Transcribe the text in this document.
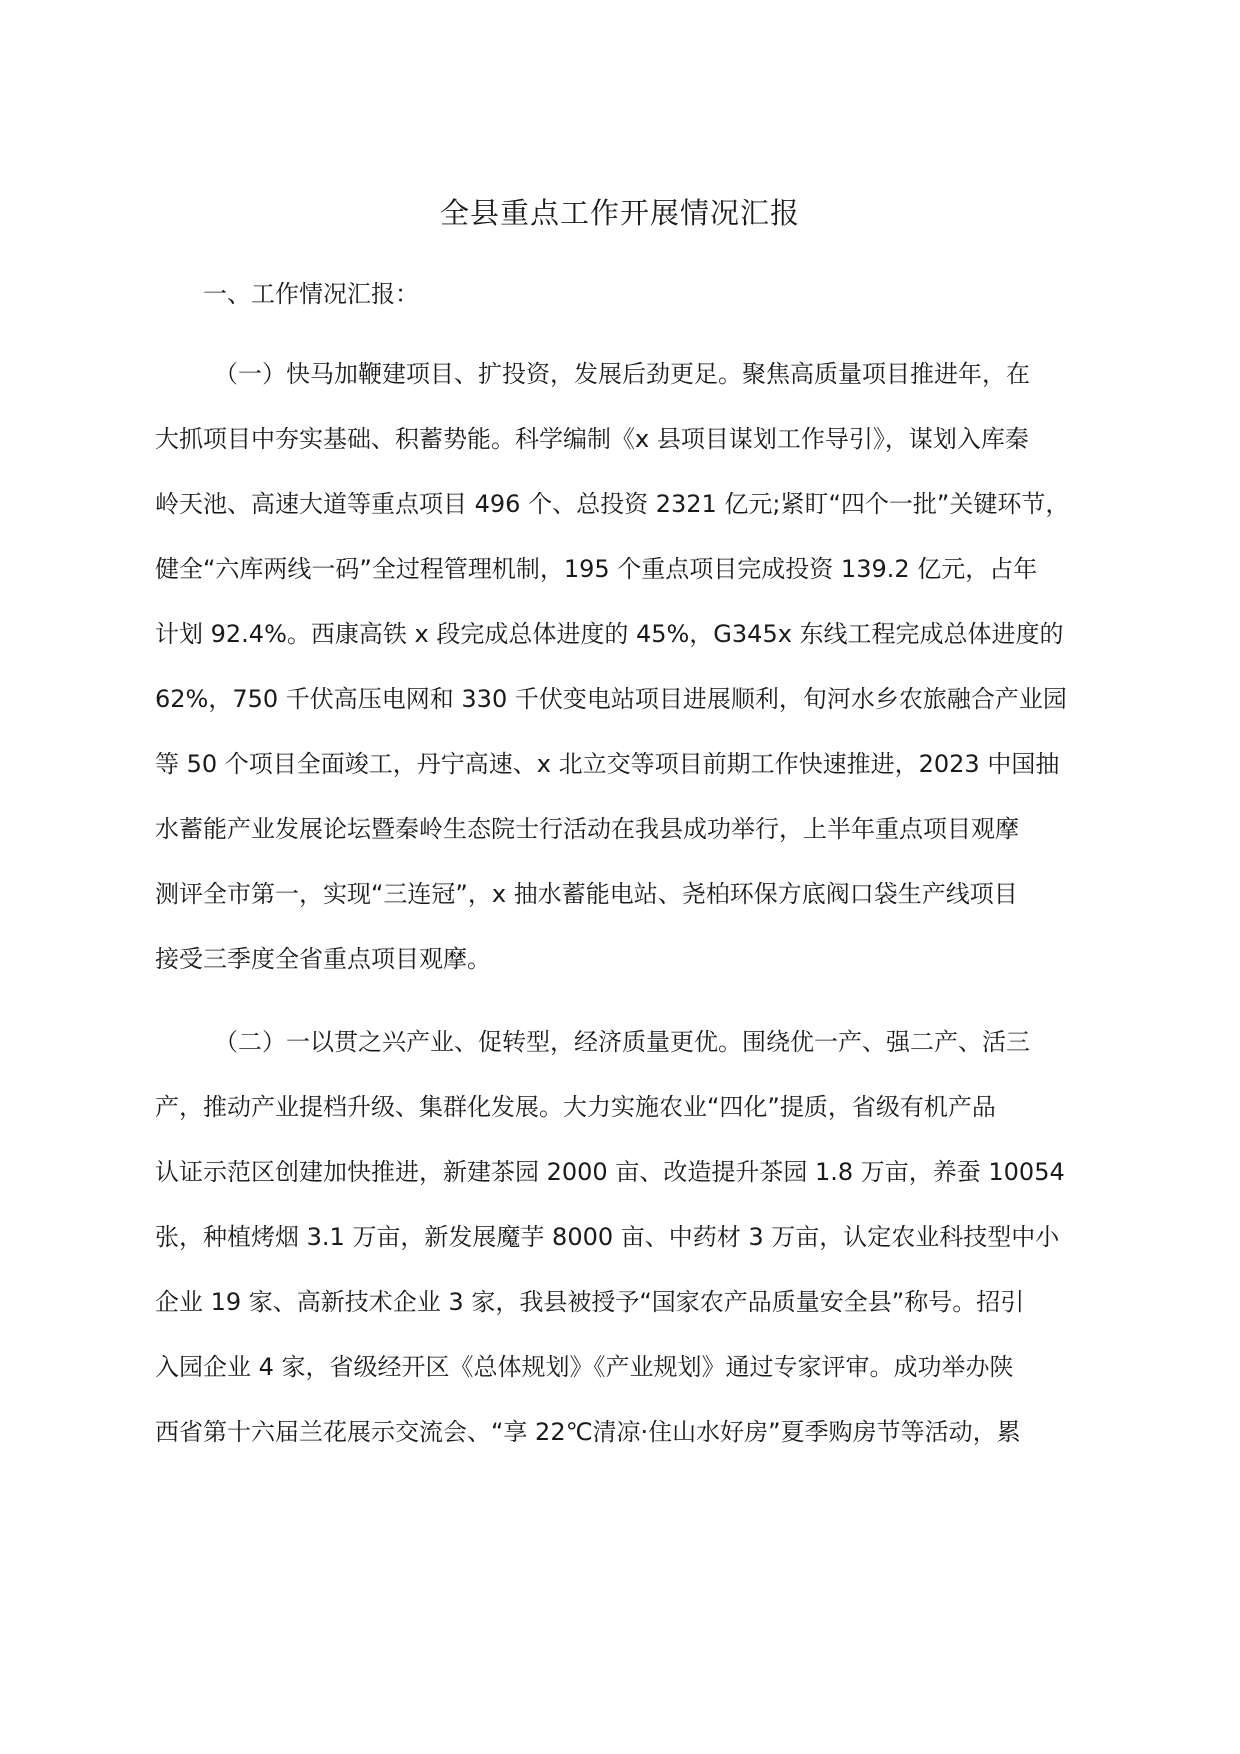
全县重点工作开展情况汇报
一、工作情况汇报：
（一）快马加鞭建项目、扩投资，发展后劲更足。聚焦高质量项目推进年，在
大抓项目中夯实基础、积蓄势能。科学编制《x 县项目谋划工作导引》，谋划入库秦
岭天池、高速大道等重点项目 496 个、总投资 2321 亿元;紧盯“四个一批”关键环节，
健全“六库两线一码”全过程管理机制，195 个重点项目完成投资 139.2 亿元，占年
计划 92.4%。西康高铁 x 段完成总体进度的 45%，G345x 东线工程完成总体进度的
62%，750 千伏高压电网和 330 千伏变电站项目进展顺利，旬河水乡农旅融合产业园
等 50 个项目全面竣工，丹宁高速、x 北立交等项目前期工作快速推进，2023 中国抽
水蓄能产业发展论坛暨秦岭生态院士行活动在我县成功举行，上半年重点项目观摩
测评全市第一，实现“三连冠”，x 抽水蓄能电站、尧柏环保方底阀口袋生产线项目
接受三季度全省重点项目观摩。
（二）一以贯之兴产业、促转型，经济质量更优。围绕优一产、强二产、活三
产，推动产业提档升级、集群化发展。大力实施农业“四化”提质，省级有机产品
认证示范区创建加快推进，新建茶园 2000 亩、改造提升茶园 1.8 万亩，养蚕 10054
张，种植烤烟 3.1 万亩，新发展魔芋 8000 亩、中药材 3 万亩，认定农业科技型中小
企业 19 家、高新技术企业 3 家，我县被授予“国家农产品质量安全县”称号。招引
入园企业 4 家，省级经开区《总体规划》《产业规划》通过专家评审。成功举办陕
西省第十六届兰花展示交流会、“享 22℃清凉·住山水好房”夏季购房节等活动，累
